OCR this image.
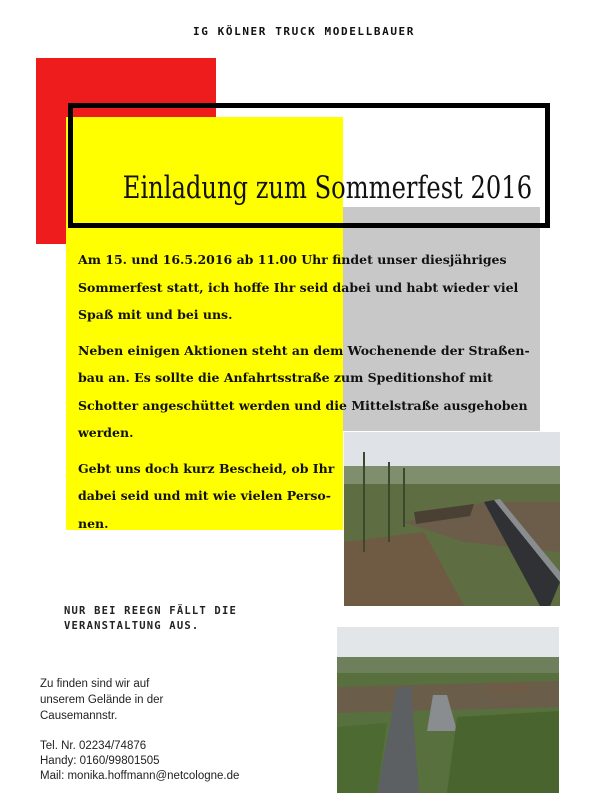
IG KÖLNER TRUCK MODELLBAUER
Einladung zum Sommerfest 2016

Am 15. und 16.5.2016 ab 11.00 Uhr findet unser diesjähriges Sommerfest statt, ich hoffe Ihr seid dabei und habt wieder viel Spaß mit und bei uns.

Neben einigen Aktionen steht an dem Wochenende der Straßen-bau an. Es sollte die Anfahrtsstraße zum Speditionshof mit Schotter angeschüttet werden und die Mittelstraße ausgehoben werden.

Gebt uns doch kurz Bescheid, ob Ihr dabei seid und mit wie vielen Perso-nen.

NUR BEI REEGN FÄLLT DIE
VERANSTALTUNG AUS.
Zu finden sind wir auf
unserem Gelände in der
Causemannstr.
Tel. Nr. 02234/74876
Handy: 0160/99801505
Mail: monika.hoffmann@netcologne.de
